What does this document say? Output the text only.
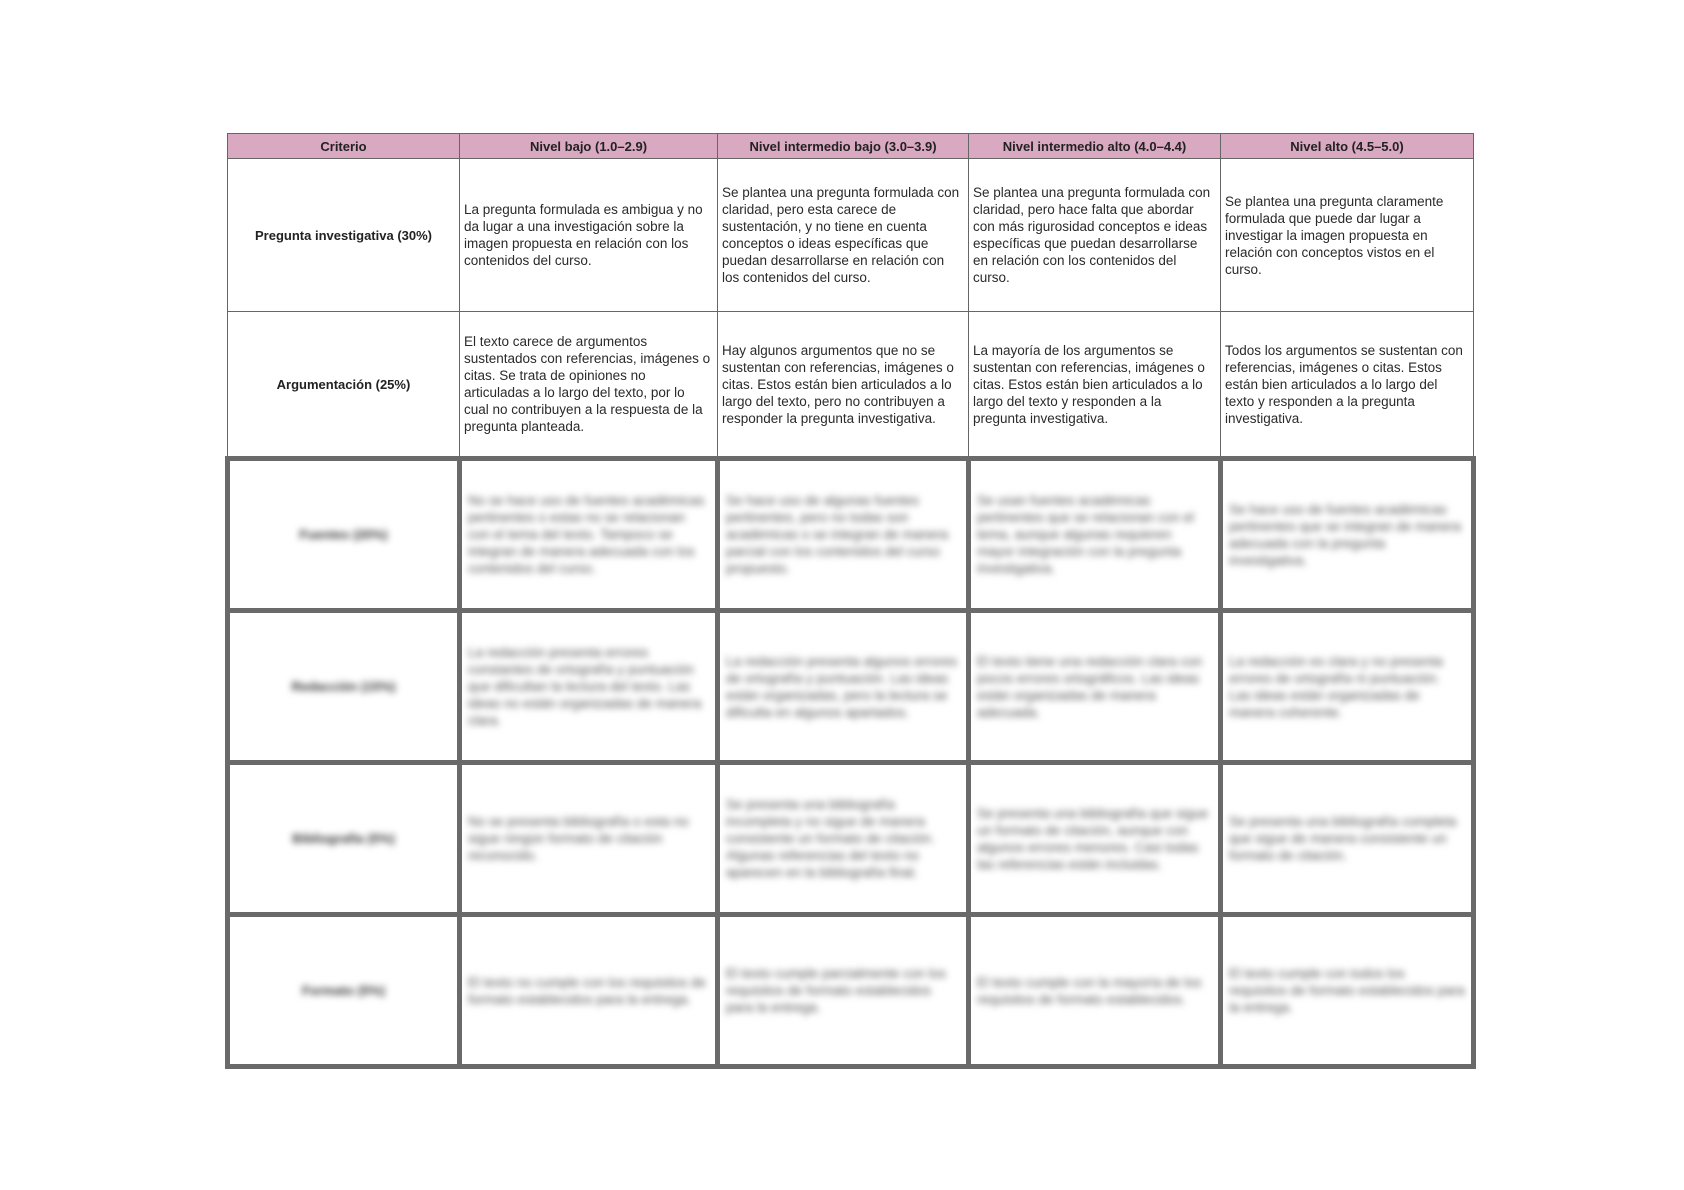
Criterio	Nivel bajo (1.0–2.9)	Nivel intermedio bajo (3.0–3.9)	Nivel intermedio alto (4.0–4.4)	Nivel alto (4.5–5.0)
Pregunta investigativa (30%)	La pregunta formulada es ambigua y no da lugar a una investigación sobre la imagen propuesta en relación con los contenidos del curso.	Se plantea una pregunta formulada con claridad, pero esta carece de sustentación, y no tiene en cuenta conceptos o ideas específicas que puedan desarrollarse en relación con los contenidos del curso.	Se plantea una pregunta formulada con claridad, pero hace falta que abordar con más rigurosidad conceptos e ideas específicas que puedan desarrollarse en relación con los contenidos del curso.	Se plantea una pregunta claramente formulada que puede dar lugar a investigar la imagen propuesta en relación con conceptos vistos en el curso.
Argumentación (25%)	El texto carece de argumentos sustentados con referencias, imágenes o citas. Se trata de opiniones no articuladas a lo largo del texto, por lo cual no contribuyen a la respuesta de la pregunta planteada.	Hay algunos argumentos que no se sustentan con referencias, imágenes o citas. Estos están bien articulados a lo largo del texto, pero no contribuyen a responder la pregunta investigativa.	La mayoría de los argumentos se sustentan con referencias, imágenes o citas. Estos están bien articulados a lo largo del texto y responden a la pregunta investigativa.	Todos los argumentos se sustentan con referencias, imágenes o citas. Estos están bien articulados a lo largo del texto y responden a la pregunta investigativa.

Fuentes (20%)	No se hace uso de fuentes académicas pertinentes o estas no se relacionan con el tema del texto. Tampoco se integran de manera adecuada con los contenidos del curso.	Se hace uso de algunas fuentes pertinentes, pero no todas son académicas o se integran de manera parcial con los contenidos del curso propuesto.	Se usan fuentes académicas pertinentes que se relacionan con el tema, aunque algunas requieren mayor integración con la pregunta investigativa.	Se hace uso de fuentes académicas pertinentes que se integran de manera adecuada con la pregunta investigativa.

Redacción (15%)	La redacción presenta errores constantes de ortografía y puntuación que dificultan la lectura del texto. Las ideas no están organizadas de manera clara.	La redacción presenta algunos errores de ortografía y puntuación. Las ideas están organizadas, pero la lectura se dificulta en algunos apartados.	El texto tiene una redacción clara con pocos errores ortográficos. Las ideas están organizadas de manera adecuada.	La redacción es clara y no presenta errores de ortografía ni puntuación. Las ideas están organizadas de manera coherente.

Bibliografía (5%)	No se presenta bibliografía o esta no sigue ningún formato de citación reconocido.	Se presenta una bibliografía incompleta y no sigue de manera consistente un formato de citación. Algunas referencias del texto no aparecen en la bibliografía final.	Se presenta una bibliografía que sigue un formato de citación, aunque con algunos errores menores. Casi todas las referencias están incluidas.	Se presenta una bibliografía completa que sigue de manera consistente un formato de citación.

Formato (5%)	El texto no cumple con los requisitos de formato establecidos para la entrega.	El texto cumple parcialmente con los requisitos de formato establecidos para la entrega.	El texto cumple con la mayoría de los requisitos de formato establecidos.	El texto cumple con todos los requisitos de formato establecidos para la entrega.
